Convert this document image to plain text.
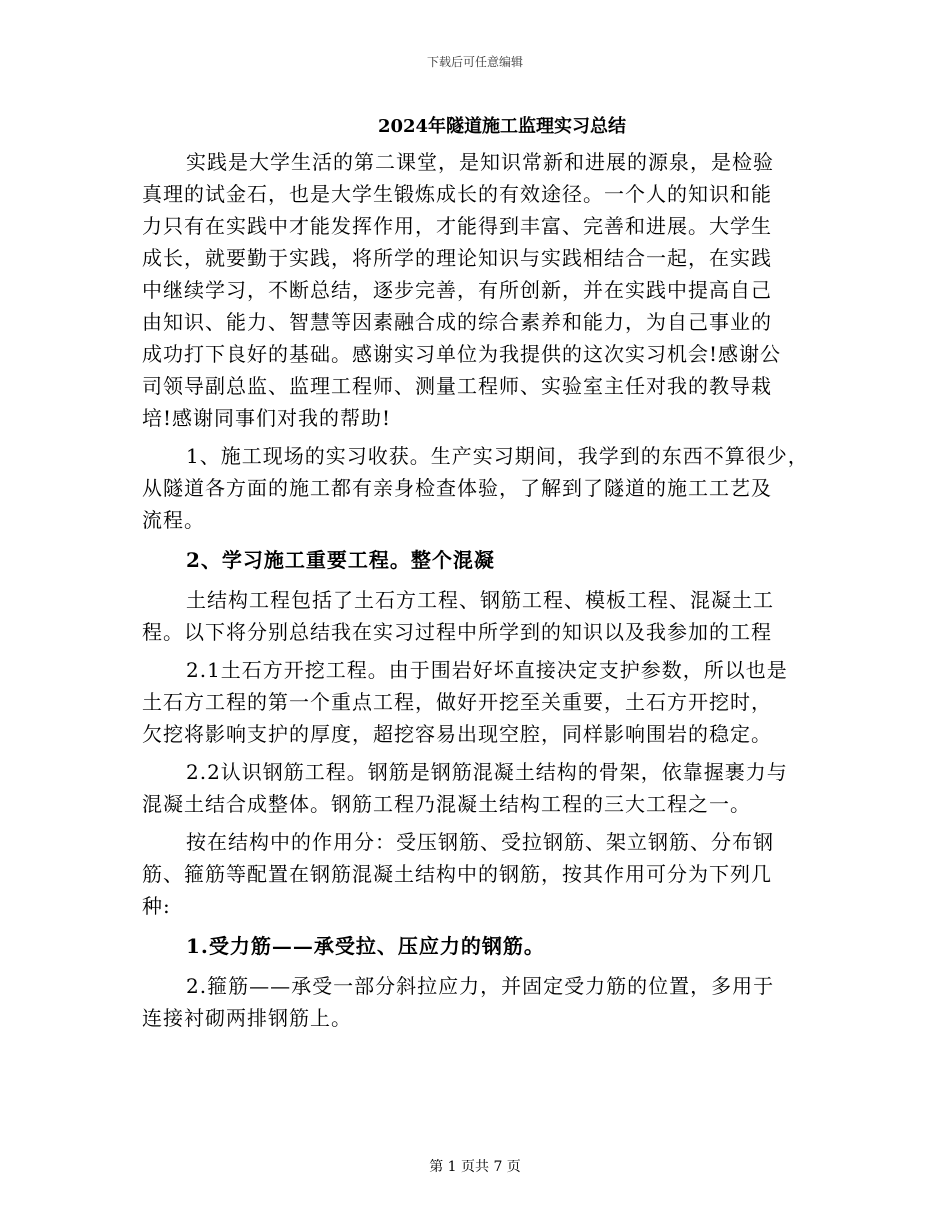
下载后可任意编辑
2024年隧道施工监理实习总结
实践是大学生活的第二课堂，是知识常新和进展的源泉，是检验
真理的试金石，也是大学生锻炼成长的有效途径。一个人的知识和能
力只有在实践中才能发挥作用，才能得到丰富、完善和进展。大学生
成长，就要勤于实践，将所学的理论知识与实践相结合一起，在实践
中继续学习，不断总结，逐步完善，有所创新，并在实践中提高自己
由知识、能力、智慧等因素融合成的综合素养和能力，为自己事业的
成功打下良好的基础。感谢实习单位为我提供的这次实习机会!感谢公
司领导副总监、监理工程师、测量工程师、实验室主任对我的教导栽
培!感谢同事们对我的帮助!
1、施工现场的实习收获。生产实习期间，我学到的东西不算很少，
从隧道各方面的施工都有亲身检查体验，了解到了隧道的施工工艺及
流程。
2、学习施工重要工程。整个混凝
土结构工程包括了土石方工程、钢筋工程、模板工程、混凝土工
程。以下将分别总结我在实习过程中所学到的知识以及我参加的工程
2.1土石方开挖工程。由于围岩好坏直接决定支护参数，所以也是
土石方工程的第一个重点工程，做好开挖至关重要，土石方开挖时，
欠挖将影响支护的厚度，超挖容易出现空腔，同样影响围岩的稳定。
2.2认识钢筋工程。钢筋是钢筋混凝土结构的骨架，依靠握裹力与
混凝土结合成整体。钢筋工程乃混凝土结构工程的三大工程之一。
按在结构中的作用分：受压钢筋、受拉钢筋、架立钢筋、分布钢
筋、箍筋等配置在钢筋混凝土结构中的钢筋，按其作用可分为下列几
种:
1.受力筋——承受拉、压应力的钢筋。
2.箍筋——承受一部分斜拉应力，并固定受力筋的位置，多用于
连接衬砌两排钢筋上。
第 1 页共 7 页
